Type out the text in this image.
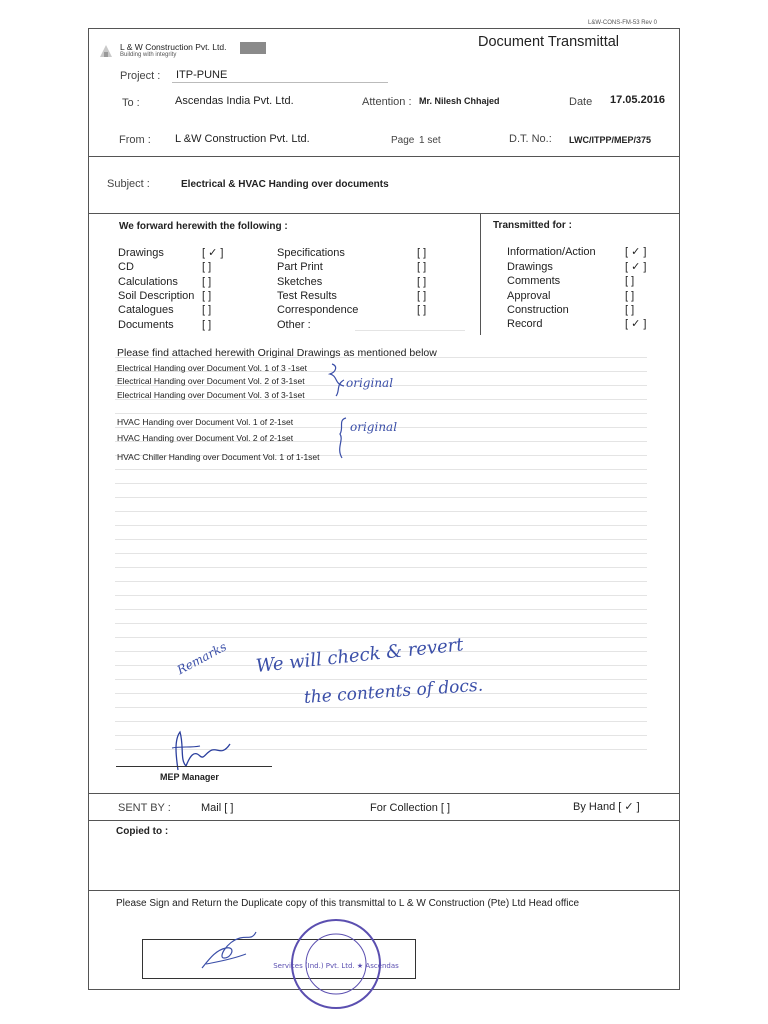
L&W-CONS-FM-53 Rev 0
L & W Construction Pvt. Ltd.
Building with integrity
Document Transmittal
Project : ITP-PUNE
To :	Ascendas India Pvt. Ltd.	Attention : Mr. Nilesh Chhajed	Date 17.05.2016
From : L &W Construction Pvt. Ltd.	Page 1 set	D.T. No.: LWC/ITPP/MEP/375
Subject :	Electrical & HVAC Handing over documents
We forward herewith the following :	Transmitted for :
Drawings	[ ✓ ]
CD	[ ]
Calculations [ ]
Soil Description [ ]
Catalogues	[ ]
Documents	[ ]
Specifications	[ ]
Part Print	[ ]
Sketches	[ ]
Test Results	[ ]
Correspondence	[ ]
Other :
Information/Action	[ ✓ ]
Drawings	[ ✓ ]
Comments	[ ]
Approval	[ ]
Construction	[ ]
Record	[ ✓ ]
Please find attached herewith Original Drawings as mentioned below
Electrical Handing over Document Vol. 1 of 3 -1set
Electrical Handing over Document Vol. 2 of 3-1set
Electrical Handing over Document Vol. 3 of 3-1set
HVAC Handing over Document Vol. 1 of 2-1set
HVAC Handing over Document Vol. 2 of 2-1set
HVAC Chiller Handing over Document Vol. 1 of 1-1set
original
original
Remarks We will check & revert
the contents of docs.
MEP Manager
SENT BY :	Mail [ ]	For Collection [ ]	By Hand [ ✓ ]
Copied to :
Please Sign and Return the Duplicate copy of this transmittal to L & W Construction (Pte) Ltd Head office
Services (Ind.) Pvt. Ltd. ★ Ascendas
